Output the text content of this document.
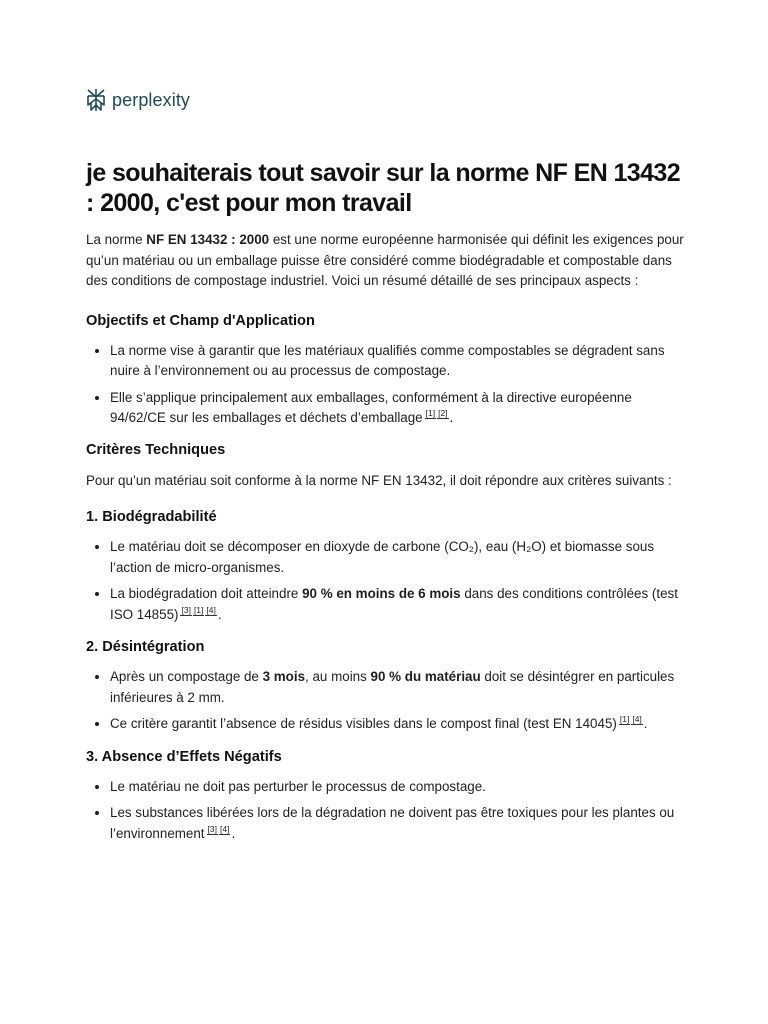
perplexity
je souhaiterais tout savoir sur la norme NF EN 13432 : 2000, c'est pour mon travail

La norme NF EN 13432 : 2000 est une norme européenne harmonisée qui définit les exigences pour qu’un matériau ou un emballage puisse être considéré comme biodégradable et compostable dans des conditions de compostage industriel. Voici un résumé détaillé de ses principaux aspects :

Objectifs et Champ d'Application
La norme vise à garantir que les matériaux qualifiés comme compostables se dégradent sans nuire à l’environnement ou au processus de compostage.
Elle s’applique principalement aux emballages, conformément à la directive européenne 94/62/CE sur les emballages et déchets d’emballage [1] [2] .
Critères Techniques

Pour qu’un matériau soit conforme à la norme NF EN 13432, il doit répondre aux critères suivants :

1. Biodégradabilité
Le matériau doit se décomposer en dioxyde de carbone (CO₂), eau (H₂O) et biomasse sous l’action de micro-organismes.
La biodégradation doit atteindre 90 % en moins de 6 mois dans des conditions contrôlées (test ISO 14855) [3] [1] [4] .
2. Désintégration
Après un compostage de 3 mois, au moins 90 % du matériau doit se désintégrer en particules inférieures à 2 mm.
Ce critère garantit l’absence de résidus visibles dans le compost final (test EN 14045) [1] [4] .
3. Absence d’Effets Négatifs
Le matériau ne doit pas perturber le processus de compostage.
Les substances libérées lors de la dégradation ne doivent pas être toxiques pour les plantes ou l’environnement [3] [4] .
